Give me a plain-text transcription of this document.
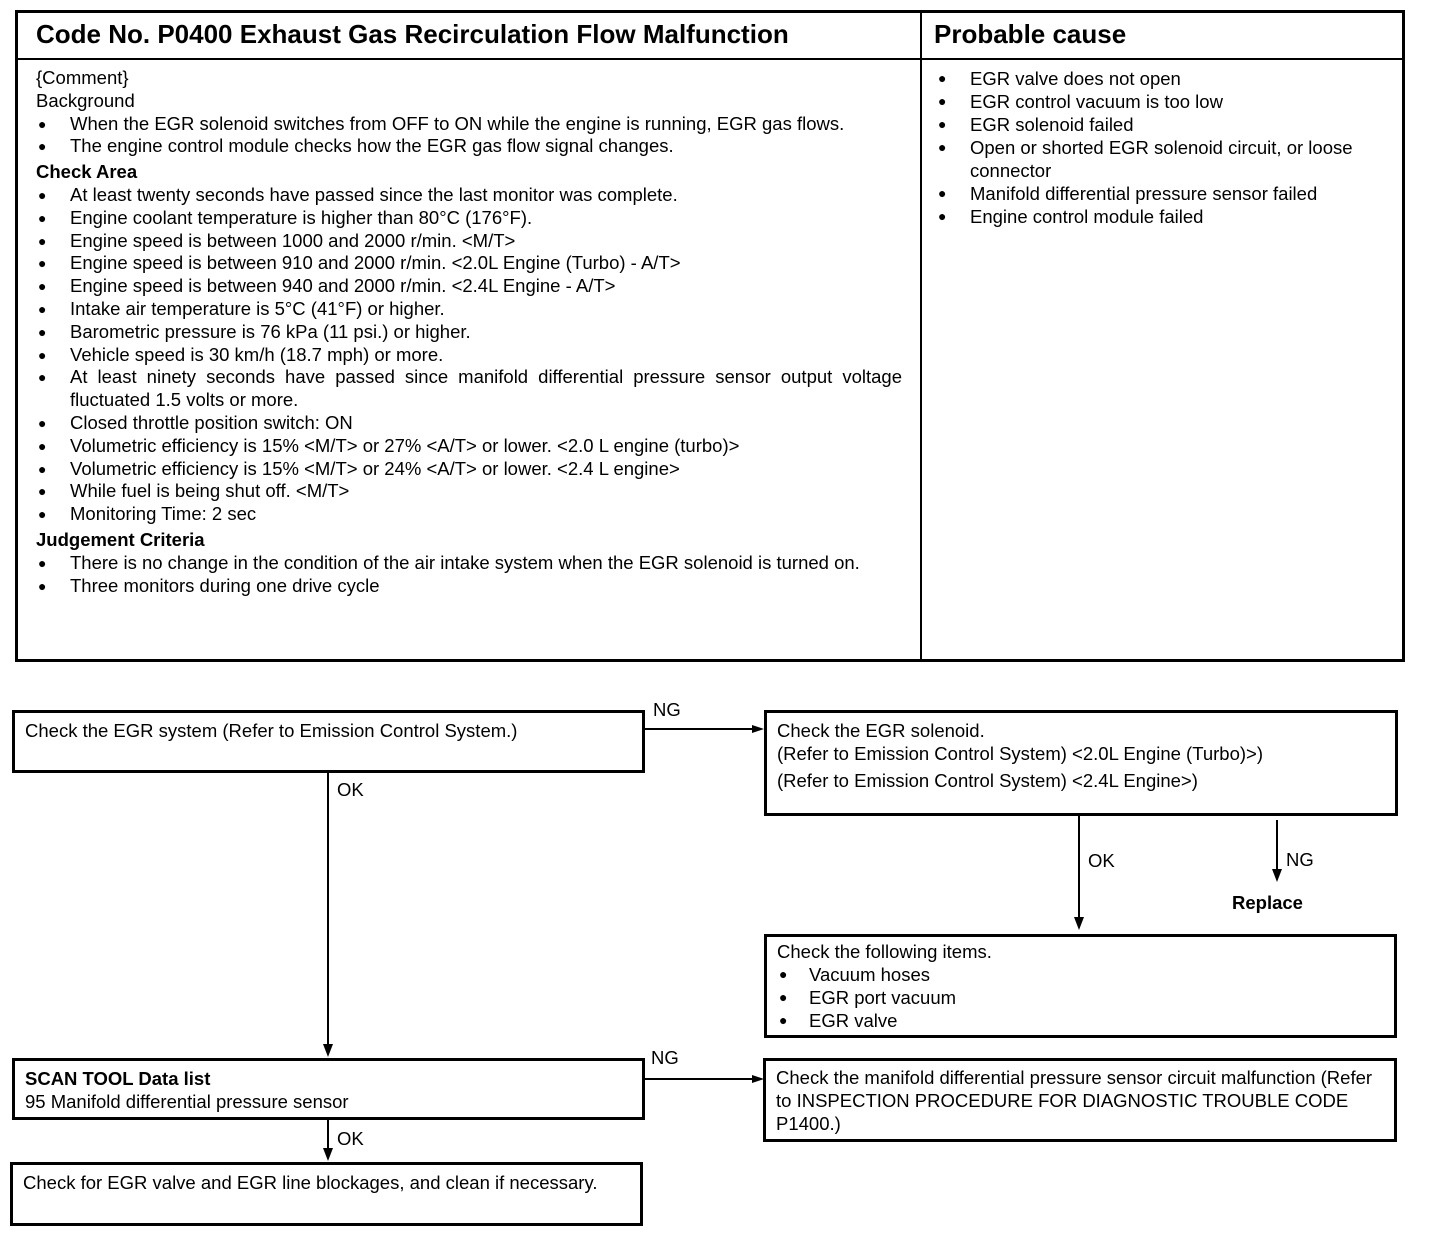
Code No. P0400 Exhaust Gas Recirculation Flow Malfunction	Probable cause
{Comment}
Background
● When the EGR solenoid switches from OFF to ON while the engine is running, EGR gas flows.
● The engine control module checks how the EGR gas flow signal changes.
Check Area
● At least twenty seconds have passed since the last monitor was complete.
● Engine coolant temperature is higher than 80°C (176°F).
● Engine speed is between 1000 and 2000 r/min. <M/T>
● Engine speed is between 910 and 2000 r/min. <2.0L Engine (Turbo) - A/T>
● Engine speed is between 940 and 2000 r/min. <2.4L Engine - A/T>
● Intake air temperature is 5°C (41°F) or higher.
● Barometric pressure is 76 kPa (11 psi.) or higher.
● Vehicle speed is 30 km/h (18.7 mph) or more.
● At least ninety seconds have passed since manifold differential pressure sensor output voltage fluctuated 1.5 volts or more.
● Closed throttle position switch: ON
● Volumetric efficiency is 15% <M/T> or 27% <A/T> or lower. <2.0 L engine (turbo)>
● Volumetric efficiency is 15% <M/T> or 24% <A/T> or lower. <2.4 L engine>
● While fuel is being shut off. <M/T>
● Monitoring Time: 2 sec
Judgement Criteria
● There is no change in the condition of the air intake system when the EGR solenoid is turned on.
● Three monitors during one drive cycle
● EGR valve does not open
● EGR control vacuum is too low
● EGR solenoid failed
● Open or shorted EGR solenoid circuit, or loose connector
● Manifold differential pressure sensor failed
● Engine control module failed
Check the EGR system (Refer to Emission Control System.)
NG
Check the EGR solenoid.
(Refer to Emission Control System) <2.0L Engine (Turbo)>)
(Refer to Emission Control System) <2.4L Engine>)
OK	NG
Replace
Check the following items.
● Vacuum hoses
● EGR port vacuum
● EGR valve
OK
SCAN TOOL Data list
95 Manifold differential pressure sensor
NG
Check the manifold differential pressure sensor circuit malfunction (Refer to INSPECTION PROCEDURE FOR DIAGNOSTIC TROUBLE CODE P1400.)
OK
Check for EGR valve and EGR line blockages, and clean if necessary.
